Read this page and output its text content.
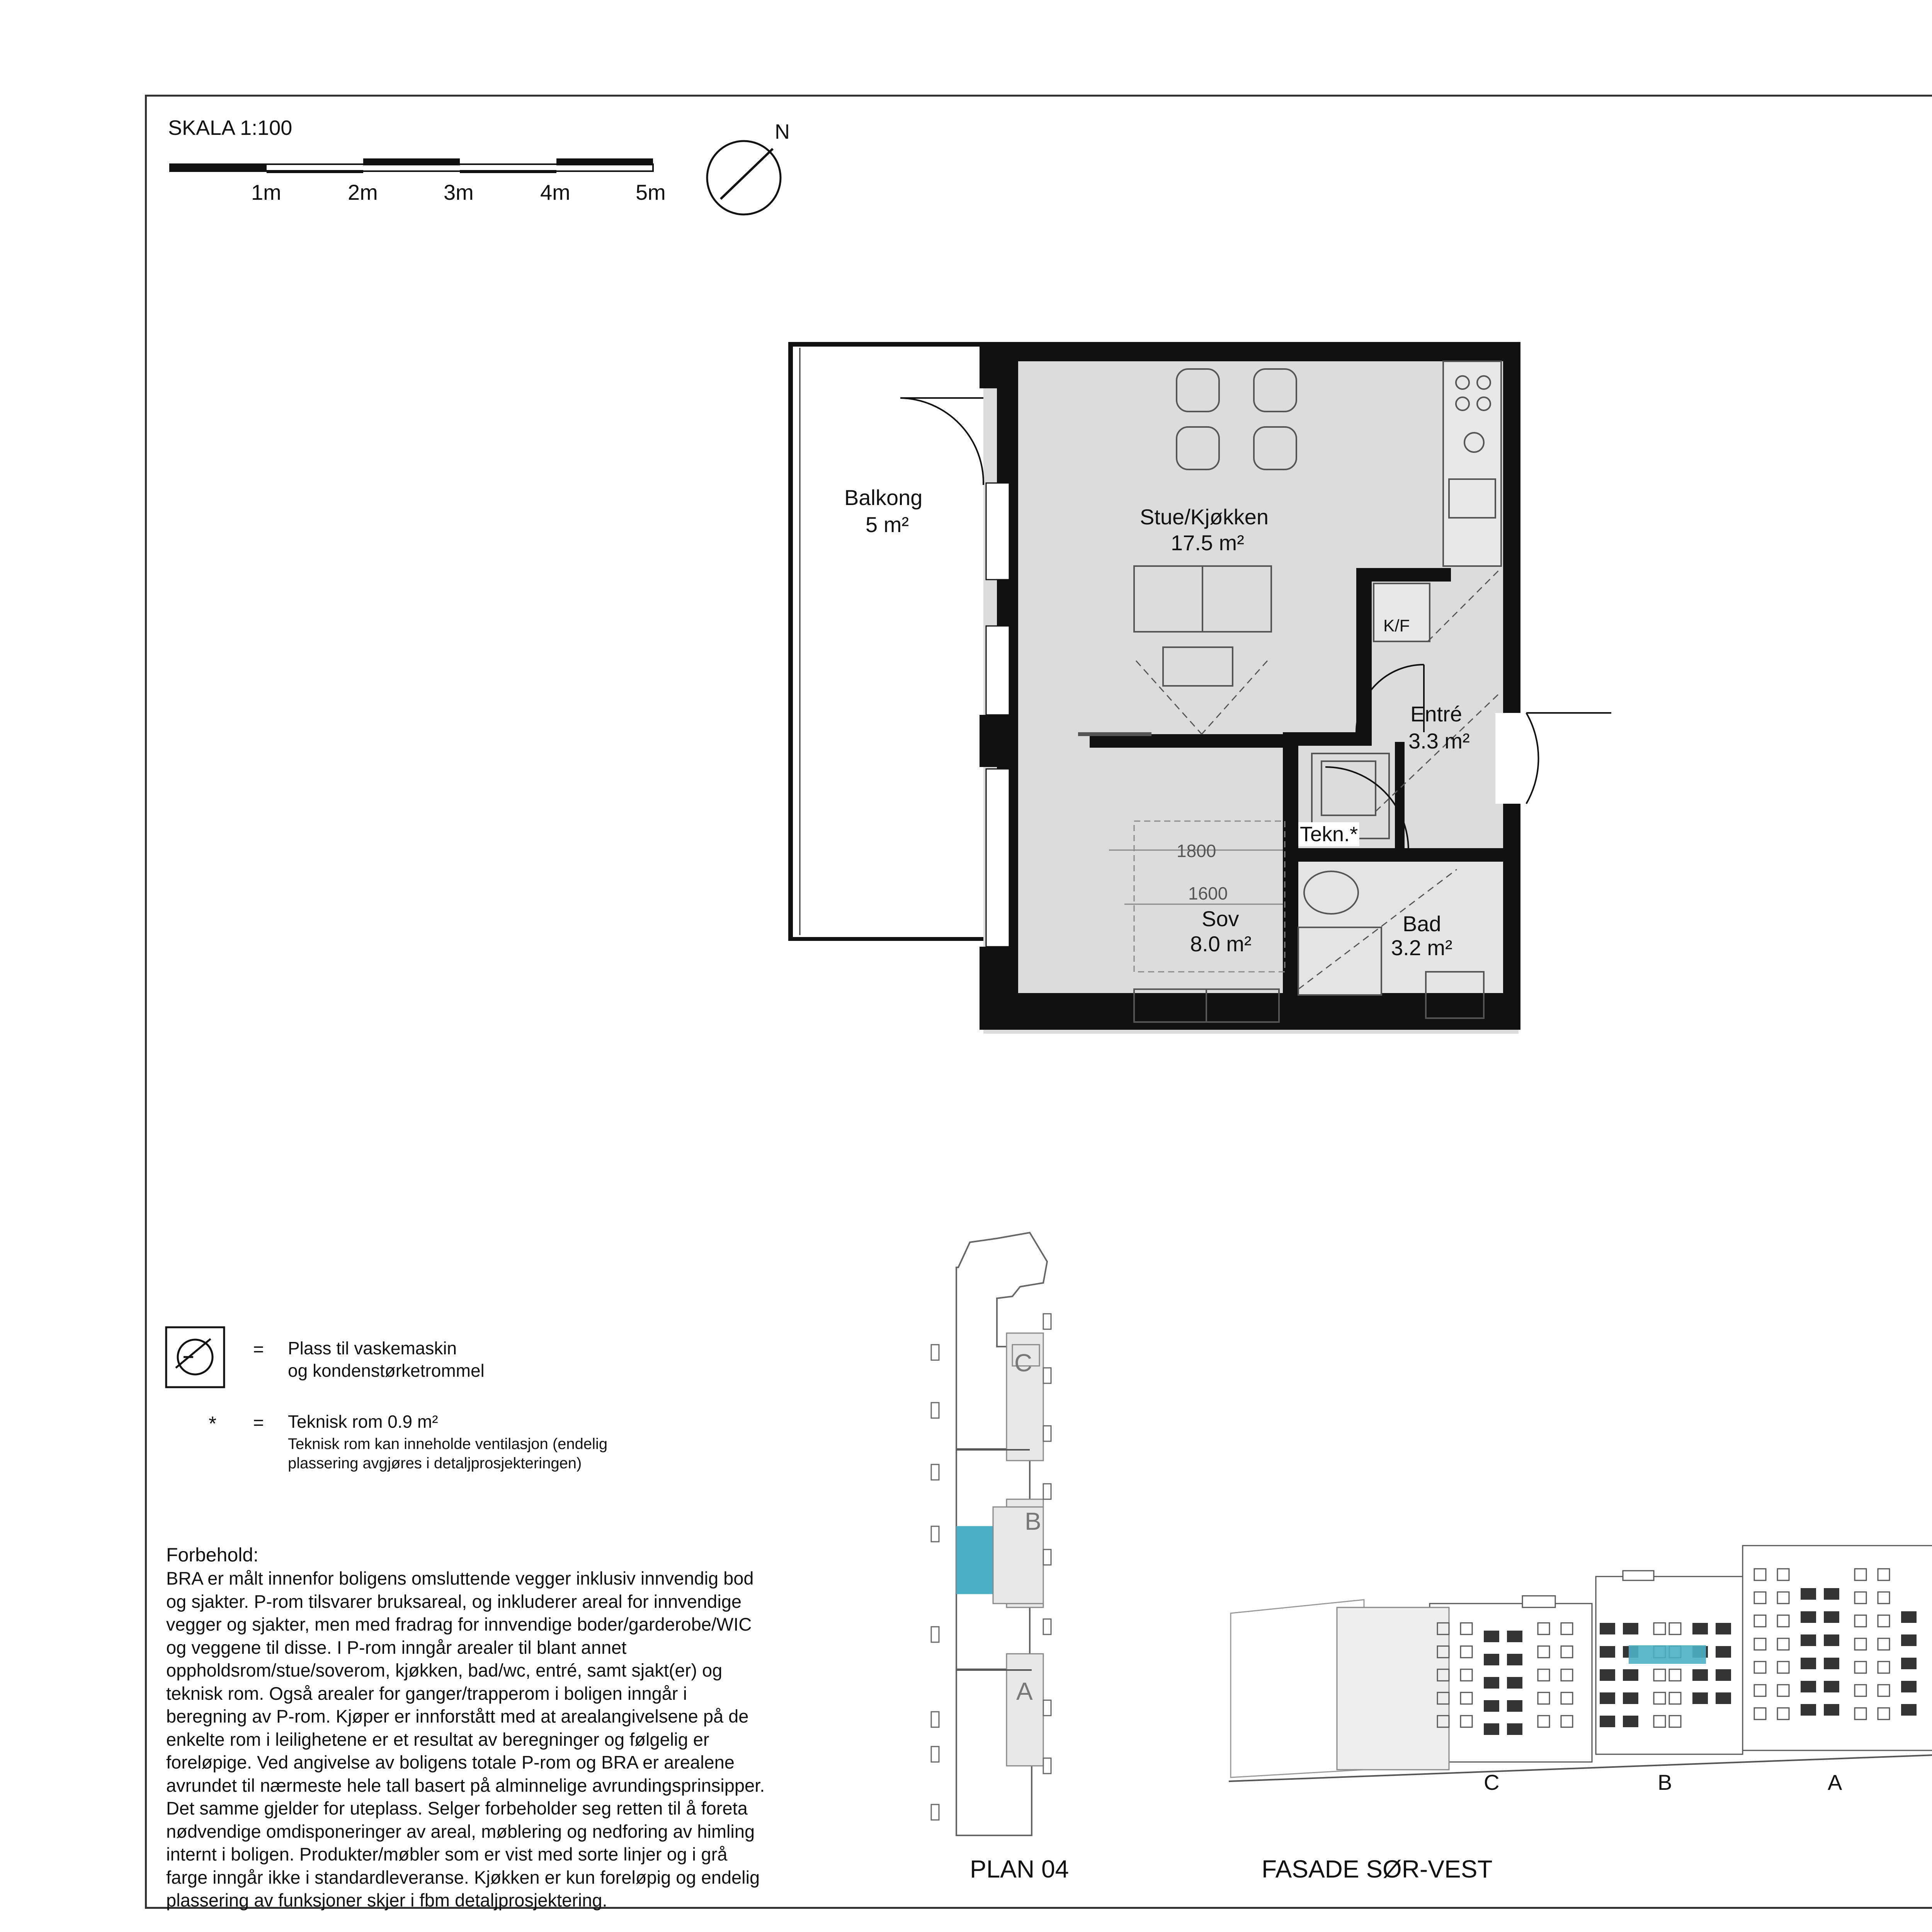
SKALA 1:100
1m	2m	3m	4m	5m
N
Balkong
5 m²	Stue/Kjøkken
17.5 m²
K/F
Entré
3.3 m²
Tekn.*
1800
1600
Sov
8.0 m²
Bad
3.2 m²
= Plass til vaskemaskin
og kondenstørketrommel
* = Teknisk rom 0.9 m²
Teknisk rom kan inneholde ventilasjon (endelig
plassering avgjøres i detaljprosjekteringen)
Forbehold:
BRA er målt innenfor boligens omsluttende vegger inklusiv innvendig bod
og sjakter. P-rom tilsvarer bruksareal, og inkluderer areal for innvendige
vegger og sjakter, men med fradrag for innvendige boder/garderobe/WIC
og veggene til disse. I P-rom inngår arealer til blant annet
oppholdsrom/stue/soverom, kjøkken, bad/wc, entré, samt sjakt(er) og
teknisk rom. Også arealer for ganger/trapperom i boligen inngår i
beregning av P-rom. Kjøper er innforstått med at arealangivelsene på de
enkelte rom i leilighetene er et resultat av beregninger og følgelig er
foreløpige. Ved angivelse av boligens totale P-rom og BRA er arealene
avrundet til nærmeste hele tall basert på alminnelige avrundingsprinsipper.
Det samme gjelder for uteplass. Selger forbeholder seg retten til å foreta
nødvendige omdisponeringer av areal, møblering og nedforing av himling
internt i boligen. Produkter/møbler som er vist med sorte linjer og i grå
farge inngår ikke i standardleveranse. Kjøkken er kun foreløpig og endelig
plassering av funksjoner skjer i fbm detaljprosjektering.
C
B
A
PLAN 04
C	B	A
FASADE SØR-VEST
